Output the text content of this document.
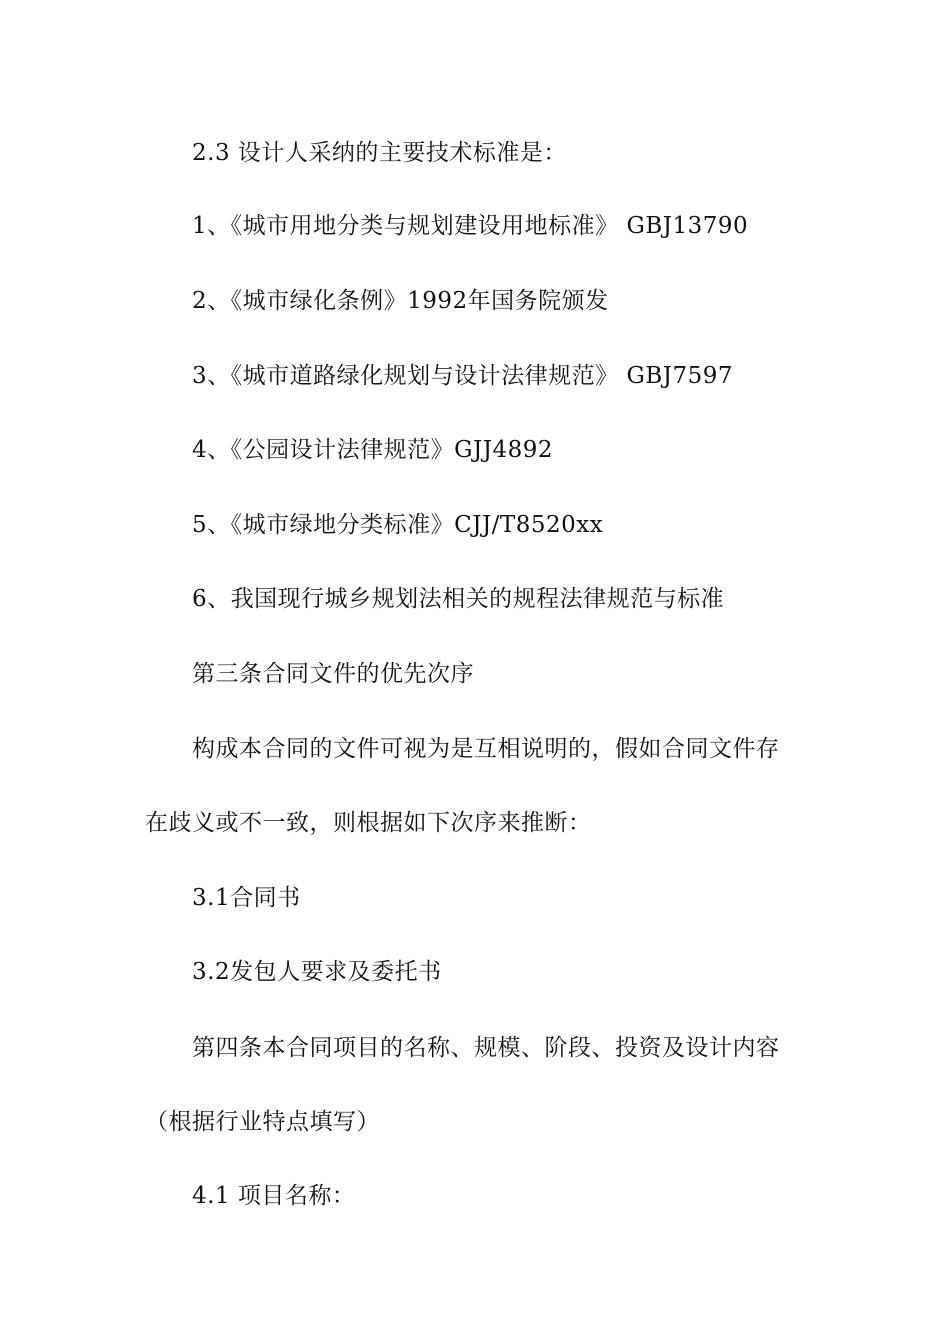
2.3 设计人采纳的主要技术标准是：
1、《城市用地分类与规划建设用地标准》 GBJ13790
2、《城市绿化条例》1992年国务院颁发
3、《城市道路绿化规划与设计法律规范》 GBJ7597
4、《公园设计法律规范》GJJ4892
5、《城市绿地分类标准》CJJ/T8520xx
6、我国现行城乡规划法相关的规程法律规范与标准
第三条合同文件的优先次序
构成本合同的文件可视为是互相说明的，假如合同文件存
在歧义或不一致，则根据如下次序来推断：
3.1合同书
3.2发包人要求及委托书
第四条本合同项目的名称、规模、阶段、投资及设计内容
（根据行业特点填写）
4.1 项目名称：
